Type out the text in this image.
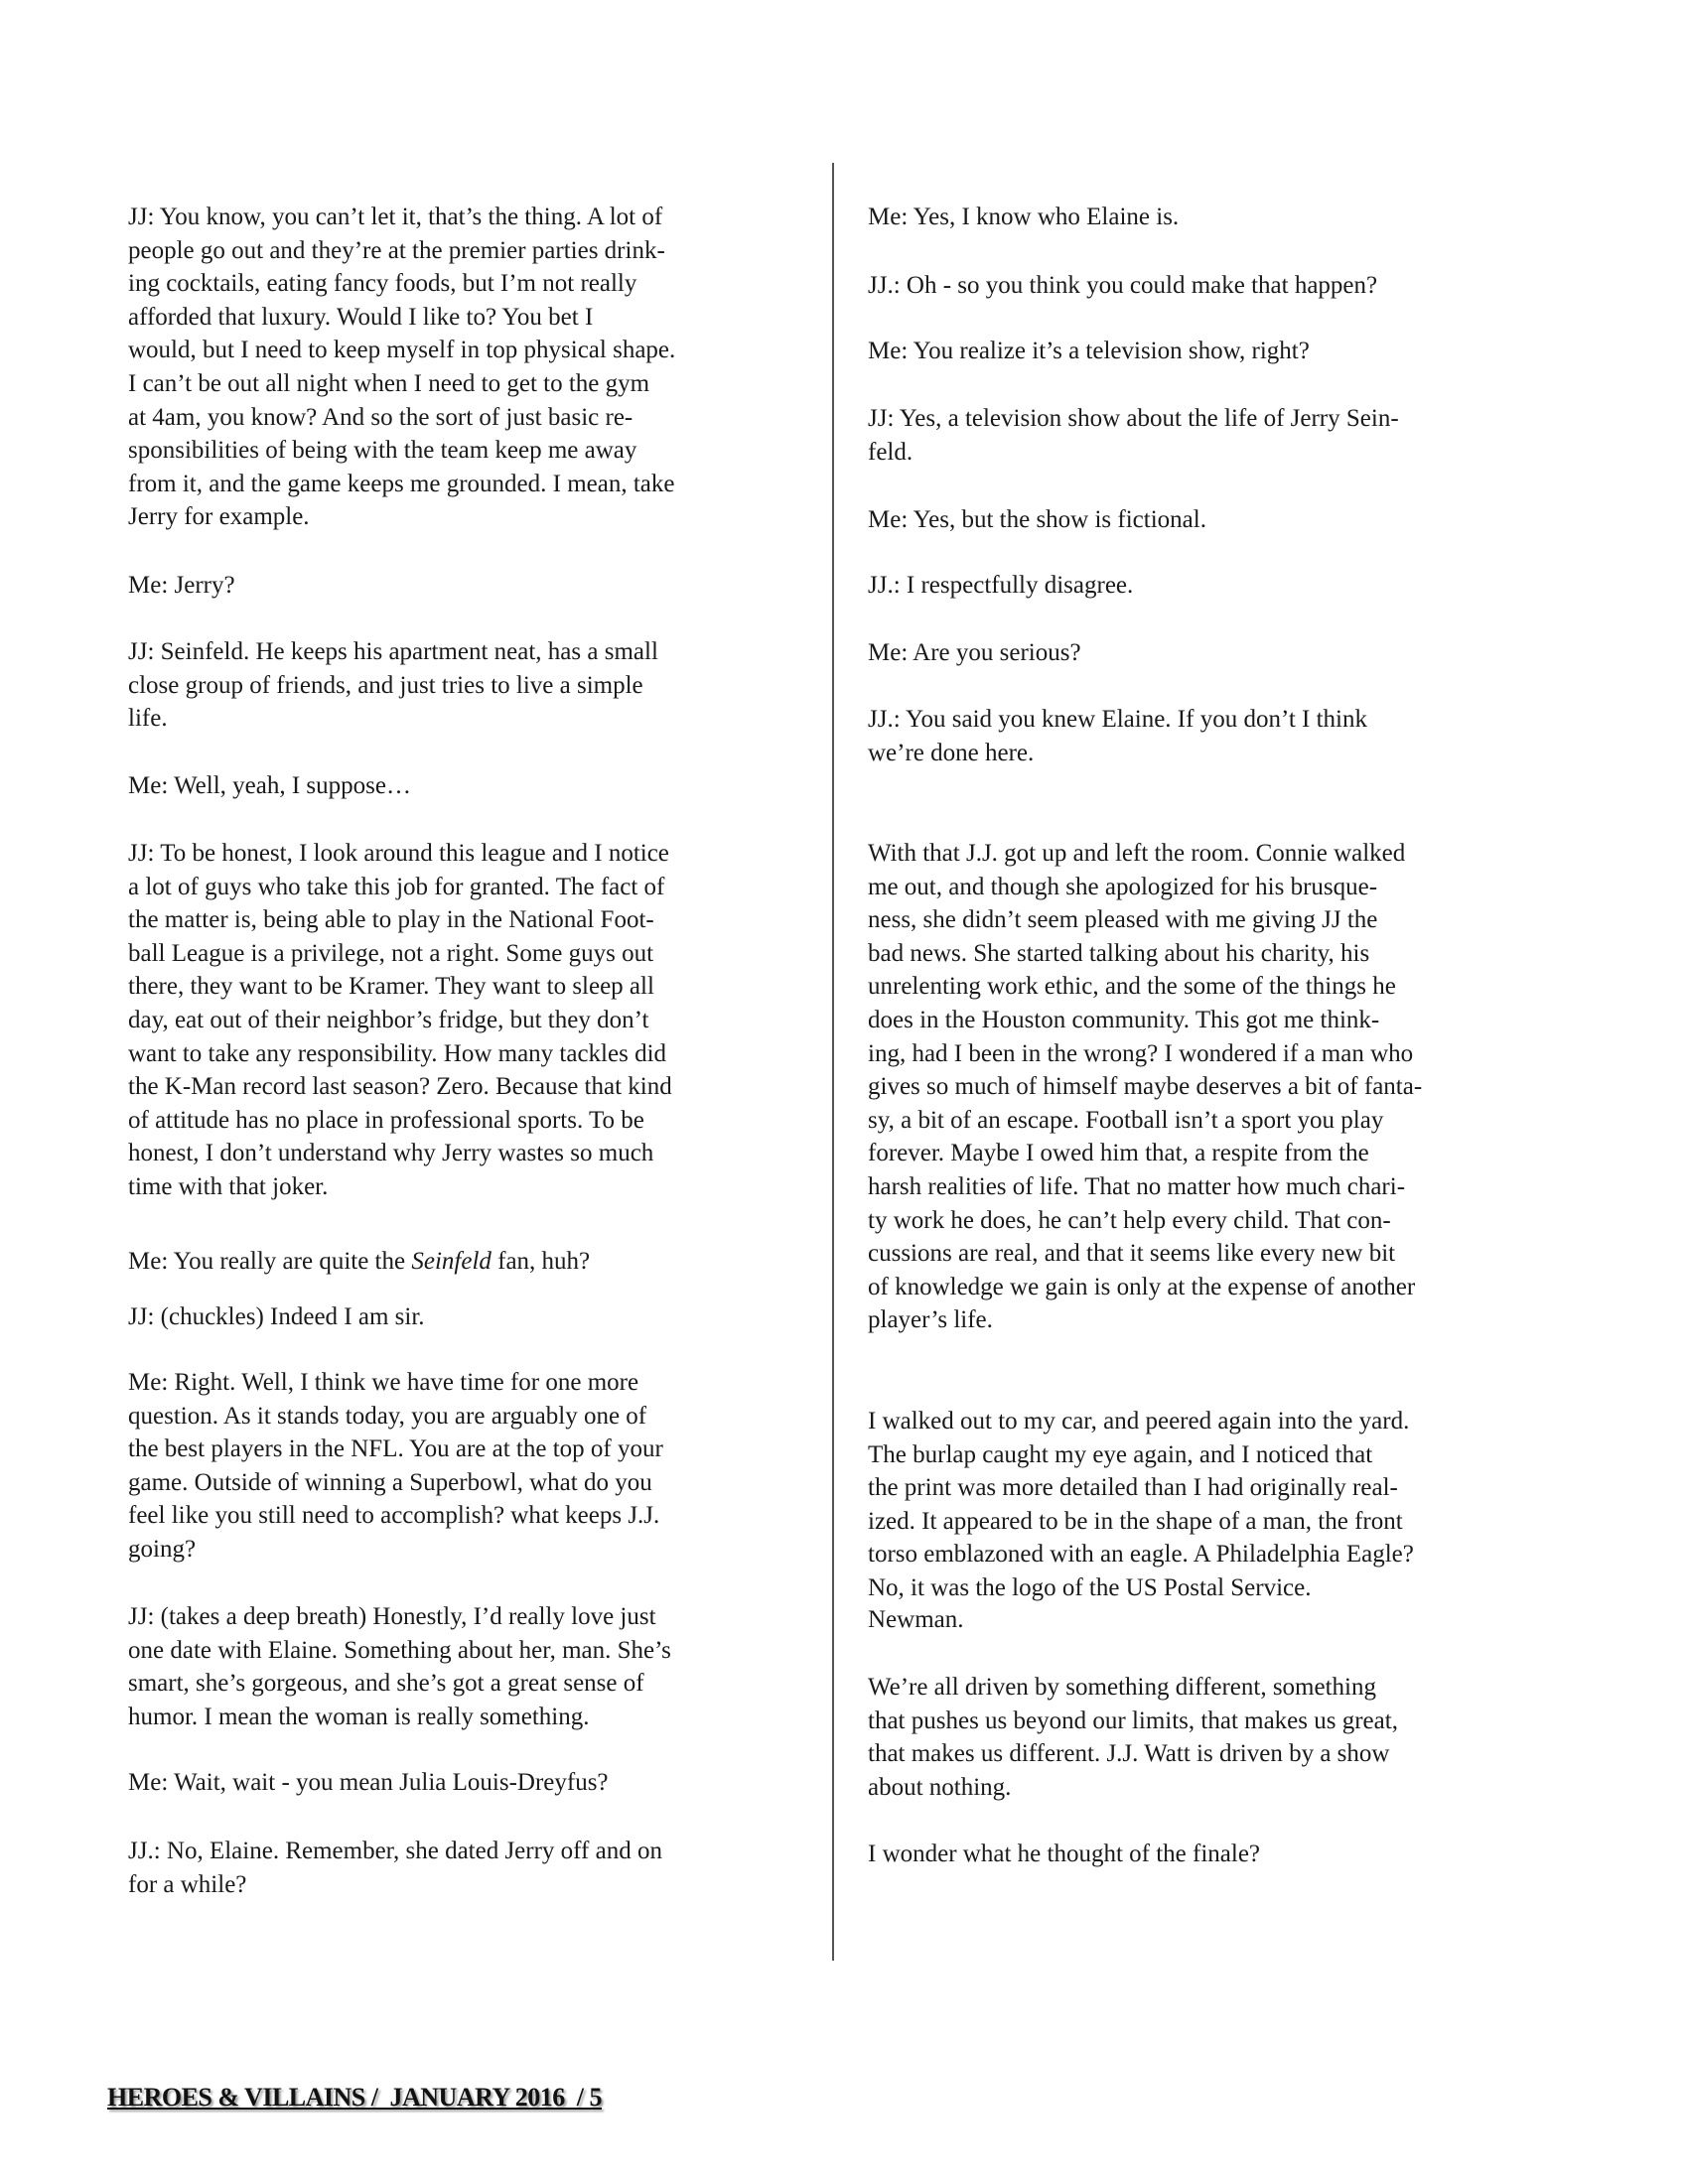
JJ: You know, you can’t let it, that’s the thing. A lot of
people go out and they’re at the premier parties drink-
ing cocktails, eating fancy foods, but I’m not really
afforded that luxury. Would I like to? You bet I
would, but I need to keep myself in top physical shape.
I can’t be out all night when I need to get to the gym
at 4am, you know? And so the sort of just basic re-
sponsibilities of being with the team keep me away
from it, and the game keeps me grounded. I mean, take
Jerry for example.

Me: Jerry?

JJ: Seinfeld. He keeps his apartment neat, has a small
close group of friends, and just tries to live a simple
life.

Me: Well, yeah, I suppose…

JJ: To be honest, I look around this league and I notice
a lot of guys who take this job for granted. The fact of
the matter is, being able to play in the National Foot-
ball League is a privilege, not a right. Some guys out
there, they want to be Kramer. They want to sleep all
day, eat out of their neighbor’s fridge, but they don’t
want to take any responsibility. How many tackles did
the K-Man record last season? Zero. Because that kind
of attitude has no place in professional sports. To be
honest, I don’t understand why Jerry wastes so much
time with that joker.

Me: You really are quite the Seinfeld fan, huh?

JJ: (chuckles) Indeed I am sir.

Me: Right. Well, I think we have time for one more
question. As it stands today, you are arguably one of
the best players in the NFL. You are at the top of your
game. Outside of winning a Superbowl, what do you
feel like you still need to accomplish? what keeps J.J.
going?

JJ: (takes a deep breath) Honestly, I’d really love just
one date with Elaine. Something about her, man. She’s
smart, she’s gorgeous, and she’s got a great sense of
humor. I mean the woman is really something.

Me: Wait, wait - you mean Julia Louis-Dreyfus?

JJ.: No, Elaine. Remember, she dated Jerry off and on
for a while?

Me: Yes, I know who Elaine is.

JJ.: Oh - so you think you could make that happen?

Me: You realize it’s a television show, right?

JJ: Yes, a television show about the life of Jerry Sein-
feld.

Me: Yes, but the show is fictional.

JJ.: I respectfully disagree.

Me: Are you serious?

JJ.: You said you knew Elaine. If you don’t I think
we’re done here.

With that J.J. got up and left the room. Connie walked
me out, and though she apologized for his brusque-
ness, she didn’t seem pleased with me giving JJ the
bad news. She started talking about his charity, his
unrelenting work ethic, and the some of the things he
does in the Houston community. This got me think-
ing, had I been in the wrong? I wondered if a man who
gives so much of himself maybe deserves a bit of fanta-
sy, a bit of an escape. Football isn’t a sport you play
forever. Maybe I owed him that, a respite from the
harsh realities of life. That no matter how much chari-
ty work he does, he can’t help every child. That con-
cussions are real, and that it seems like every new bit
of knowledge we gain is only at the expense of another
player’s life.

I walked out to my car, and peered again into the yard.
The burlap caught my eye again, and I noticed that
the print was more detailed than I had originally real-
ized. It appeared to be in the shape of a man, the front
torso emblazoned with an eagle. A Philadelphia Eagle?
No, it was the logo of the US Postal Service.

Newman.

We’re all driven by something different, something
that pushes us beyond our limits, that makes us great,
that makes us different. J.J. Watt is driven by a show
about nothing.

I wonder what he thought of the finale?

HEROES & VILLAINS /  JANUARY 2016  / 5
